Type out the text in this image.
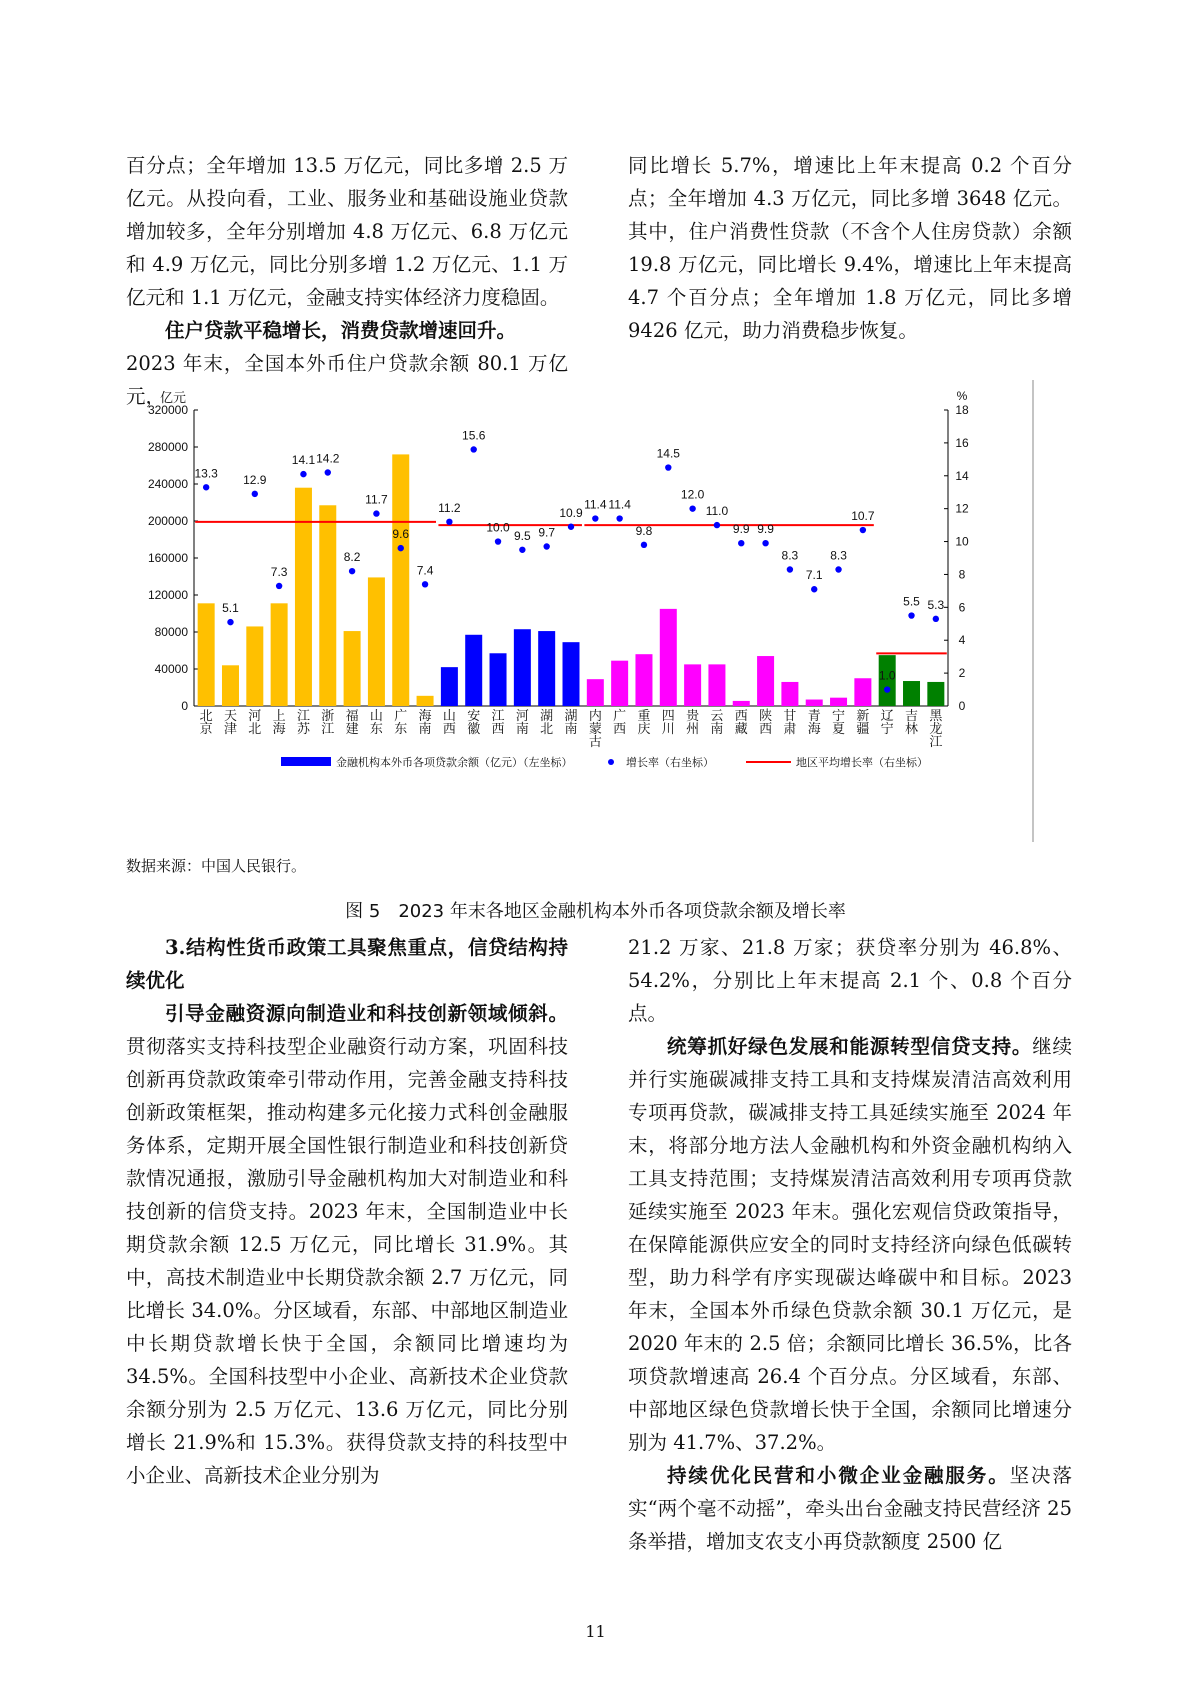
百分点；全年增加 13.5 万亿元，同比多增 2.5 万亿元。从投向看，工业、服务业和基础设施业贷款增加较多，全年分别增加 4.8 万亿元、6.8 万亿元和 4.9 万亿元，同比分别多增 1.2 万亿元、1.1 万亿元和 1.1 万亿元，金融支持实体经济力度稳固。

住户贷款平稳增长，消费贷款增速回升。

2023 年末，全国本外币住户贷款余额 80.1 万亿元，

同比增长 5.7%，增速比上年末提高 0.2 个百分点；全年增加 4.3 万亿元，同比多增 3648 亿元。其中，住户消费性贷款（不含个人住房贷款）余额 19.8 万亿元，同比增长 9.4%，增速比上年末提高 4.7 个百分点；全年增加 1.8 万亿元，同比多增 9426 亿元，助力消费稳步恢复。

亿元	%
0
40000
80000
120000
160000
200000
240000
280000
320000
0
2
4
6
8
10
12
14
16
18
13.3
5.1
12.9
7.3
14.1 14.2
8.2
11.7
9.6
7.4
11.2
15.6
10.0
9.5 9.7
10.9
11.4 11.4
9.8
14.5
12.0
11.0
9.9 9.9
8.3
7.1
8.3
10.7
1.0
5.5 5.3
北京
天津
河北
上海
江苏
浙江
福建
山东
广东
海南
山西
安徽
江西
河南
湖北
湖南
内蒙古
广西
重庆
四川
贵州
云南
西藏
陕西
甘肃
青海
宁夏
新疆
辽宁
吉林
黑龙江
金融机构本外币各项贷款余额（亿元）（左坐标）	增长率（右坐标）	地区平均增长率（右坐标）
数据来源：中国人民银行。
图 5　2023 年末各地区金融机构本外币各项贷款余额及增长率

3.结构性货币政策工具聚焦重点，信贷结构持续优化

引导金融资源向制造业和科技创新领域倾斜。贯彻落实支持科技型企业融资行动方案，巩固科技创新再贷款政策牵引带动作用，完善金融支持科技创新政策框架，推动构建多元化接力式科创金融服务体系，定期开展全国性银行制造业和科技创新贷款情况通报，激励引导金融机构加大对制造业和科技创新的信贷支持。2023 年末，全国制造业中长期贷款余额 12.5 万亿元，同比增长 31.9%。其中，高技术制造业中长期贷款余额 2.7 万亿元，同比增长 34.0%。分区域看，东部、中部地区制造业中长期贷款增长快于全国，余额同比增速均为 34.5%。全国科技型中小企业、高新技术企业贷款余额分别为 2.5 万亿元、13.6 万亿元，同比分别增长 21.9%和 15.3%。获得贷款支持的科技型中小企业、高新技术企业分别为

21.2 万家、21.8 万家；获贷率分别为 46.8%、54.2%，分别比上年末提高 2.1 个、0.8 个百分点。

统筹抓好绿色发展和能源转型信贷支持。继续并行实施碳减排支持工具和支持煤炭清洁高效利用专项再贷款，碳减排支持工具延续实施至 2024 年末，将部分地方法人金融机构和外资金融机构纳入工具支持范围；支持煤炭清洁高效利用专项再贷款延续实施至 2023 年末。强化宏观信贷政策指导，在保障能源供应安全的同时支持经济向绿色低碳转型，助力科学有序实现碳达峰碳中和目标。2023 年末，全国本外币绿色贷款余额 30.1 万亿元，是 2020 年末的 2.5 倍；余额同比增长 36.5%，比各项贷款增速高 26.4 个百分点。分区域看，东部、中部地区绿色贷款增长快于全国，余额同比增速分别为 41.7%、37.2%。

持续优化民营和小微企业金融服务。坚决落实“两个毫不动摇”，牵头出台金融支持民营经济 25 条举措，增加支农支小再贷款额度 2500 亿

11
